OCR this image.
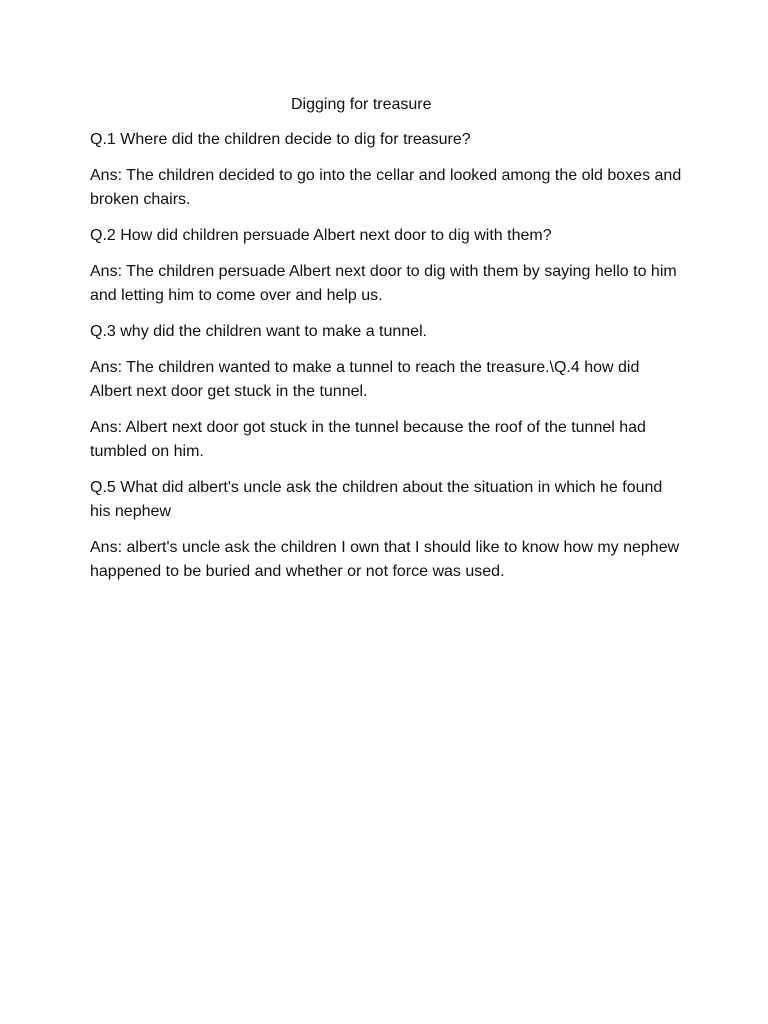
Digging for treasure

Q.1 Where did the children decide to dig for treasure?

Ans: The children decided to go into the cellar and looked among the old boxes and broken chairs.

Q.2 How did children persuade Albert next door to dig with them?

Ans: The children persuade Albert next door to dig with them by saying hello to him and letting him to come over and help us.

Q.3 why did the children want to make a tunnel.

Ans: The children wanted to make a tunnel to reach the treasure.\Q.4 how did Albert next door get stuck in the tunnel.

Ans: Albert next door got stuck in the tunnel because the roof of the tunnel had tumbled on him.

Q.5 What did albert's uncle ask the children about the situation in which he found his nephew

Ans: albert's uncle ask the children I own that I should like to know how my nephew happened to be buried and whether or not force was used.
